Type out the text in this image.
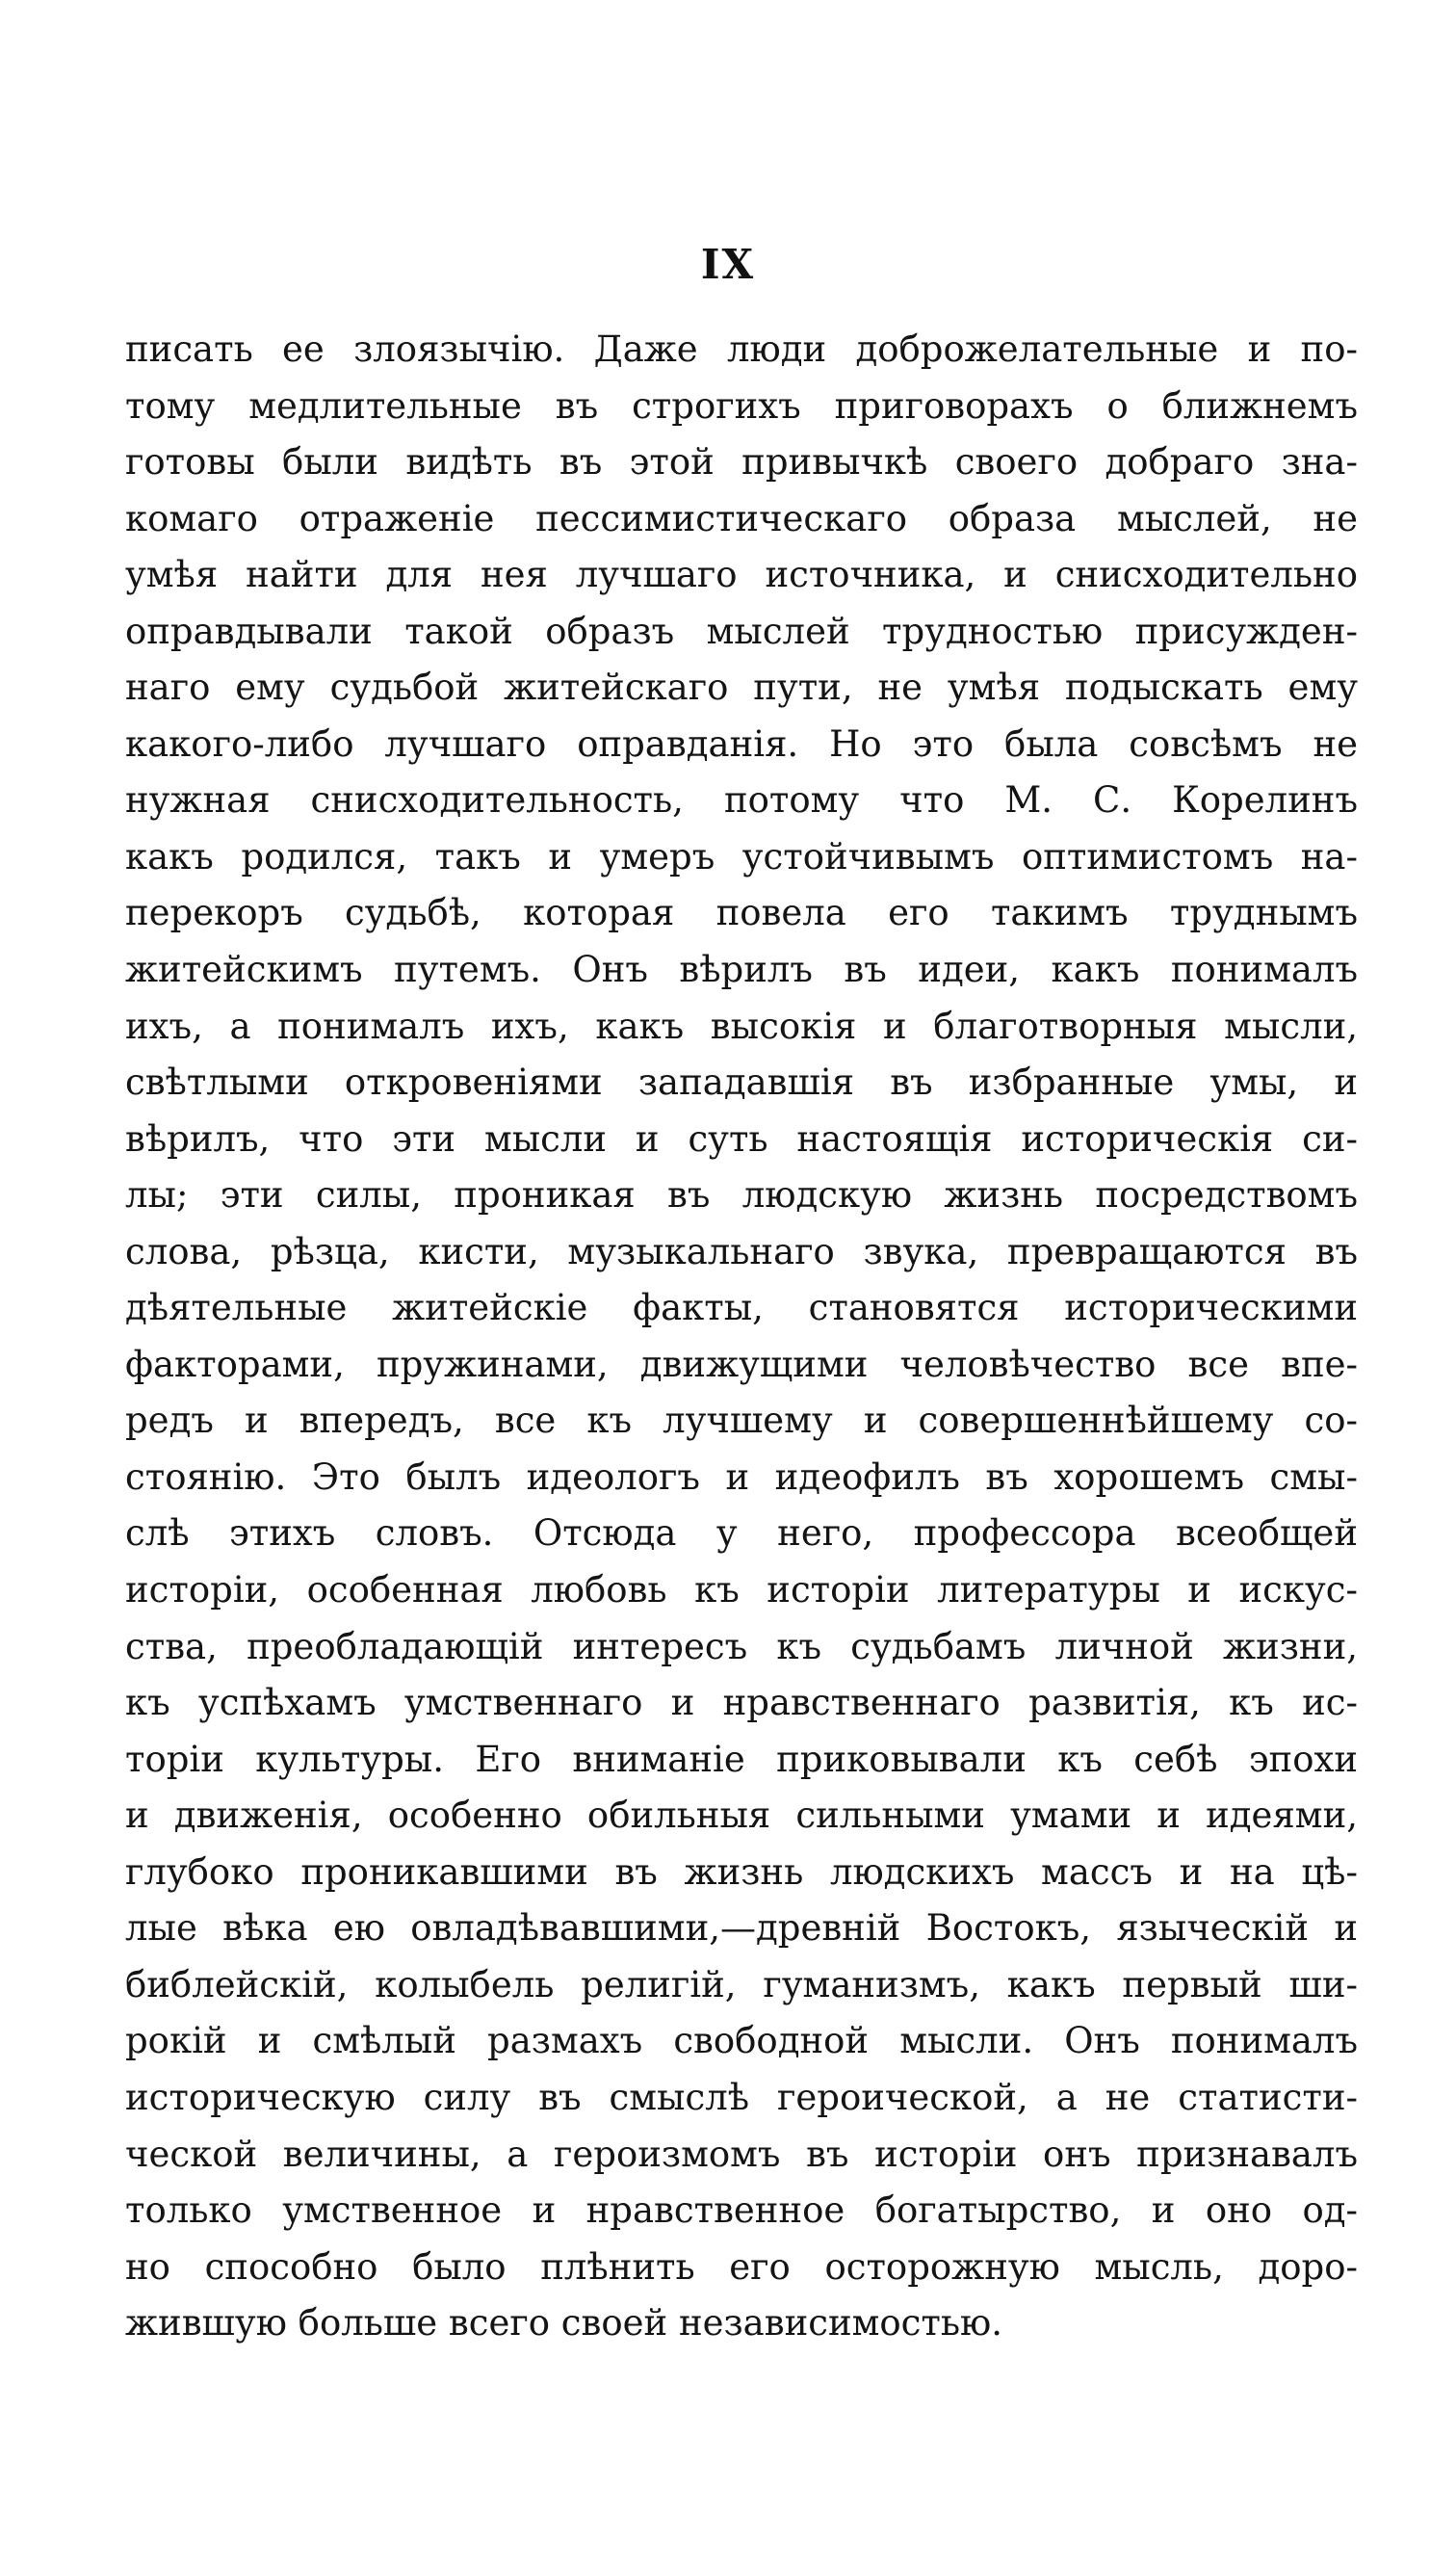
IX
писать ее злоязычiю. Даже люди доброжелательные и по-
тому медлительные въ строгихъ приговорахъ о ближнемъ
готовы были видѣть въ этой привычкѣ своего добраго зна-
комаго отраженiе пессимистическаго образа мыслей, не
умѣя найти для нея лучшаго источника, и снисходительно
оправдывали такой образъ мыслей трудностью присужден-
наго ему судьбой житейскаго пути, не умѣя подыскать ему
какого-либо лучшаго оправданiя. Но это была совсѣмъ не
нужная снисходительность, потому что М. С. Корелинъ
какъ родился, такъ и умеръ устойчивымъ оптимистомъ на-
перекоръ судьбѣ, которая повела его такимъ труднымъ
житейскимъ путемъ. Онъ вѣрилъ въ идеи, какъ понималъ
ихъ, а понималъ ихъ, какъ высокiя и благотворныя мысли,
свѣтлыми откровенiями западавшiя въ избранные умы, и
вѣрилъ, что эти мысли и суть настоящiя историческiя си-
лы; эти силы, проникая въ людскую жизнь посредствомъ
слова, рѣзца, кисти, музыкальнаго звука, превращаются въ
дѣятельные житейскiе факты, становятся историческими
факторами, пружинами, движущими человѣчество все впе-
редъ и впередъ, все къ лучшему и совершеннѣйшему со-
стоянiю. Это былъ идеологъ и идеофилъ въ хорошемъ смы-
слѣ этихъ словъ. Отсюда у него, профессора всеобщей
исторiи, особенная любовь къ исторiи литературы и искус-
ства, преобладающiй интересъ къ судьбамъ личной жизни,
къ успѣхамъ умственнаго и нравственнаго развитiя, къ ис-
торiи культуры. Его вниманiе приковывали къ себѣ эпохи
и движенiя, особенно обильныя сильными умами и идеями,
глубоко проникавшими въ жизнь людскихъ массъ и на цѣ-
лые вѣка ею овладѣвавшими,—древнiй Востокъ, языческiй и
библейскiй, колыбель религiй, гуманизмъ, какъ первый ши-
рокiй и смѣлый размахъ свободной мысли. Онъ понималъ
историческую силу въ смыслѣ героической, а не статисти-
ческой величины, а героизмомъ въ исторiи онъ признавалъ
только умственное и нравственное богатырство, и оно од-
но способно было плѣнить его осторожную мысль, доро-
жившую больше всего своей независимостью.
